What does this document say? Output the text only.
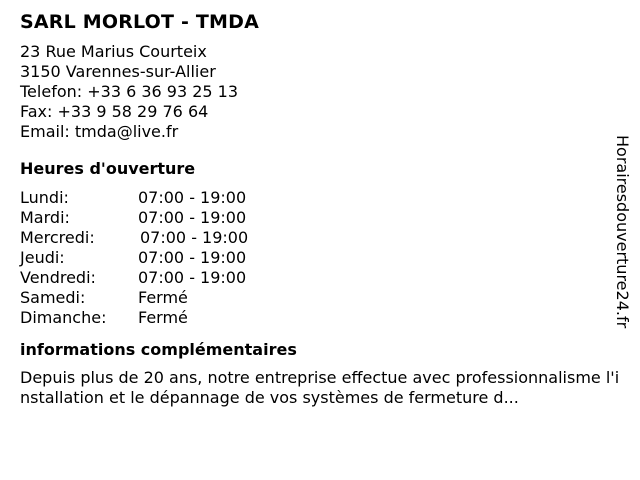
SARL MORLOT - TMDA
23 Rue Marius Courteix
3150 Varennes-sur-Allier
Telefon: +33 6 36 93 25 13
Fax: +33 9 58 29 76 64
Email: tmda@live.fr
Heures d'ouverture
Lundi:	07:00 - 19:00
Mardi:	07:00 - 19:00
Mercredi:	07:00 - 19:00
Jeudi:	07:00 - 19:00
Vendredi:	07:00 - 19:00
Samedi:	Fermé
Dimanche:	Fermé
informations complémentaires
Depuis plus de 20 ans, notre entreprise effectue avec professionnalisme l'installation et le dépannage de vos systèmes de fermeture d...
Horairesdouverture24.fr
